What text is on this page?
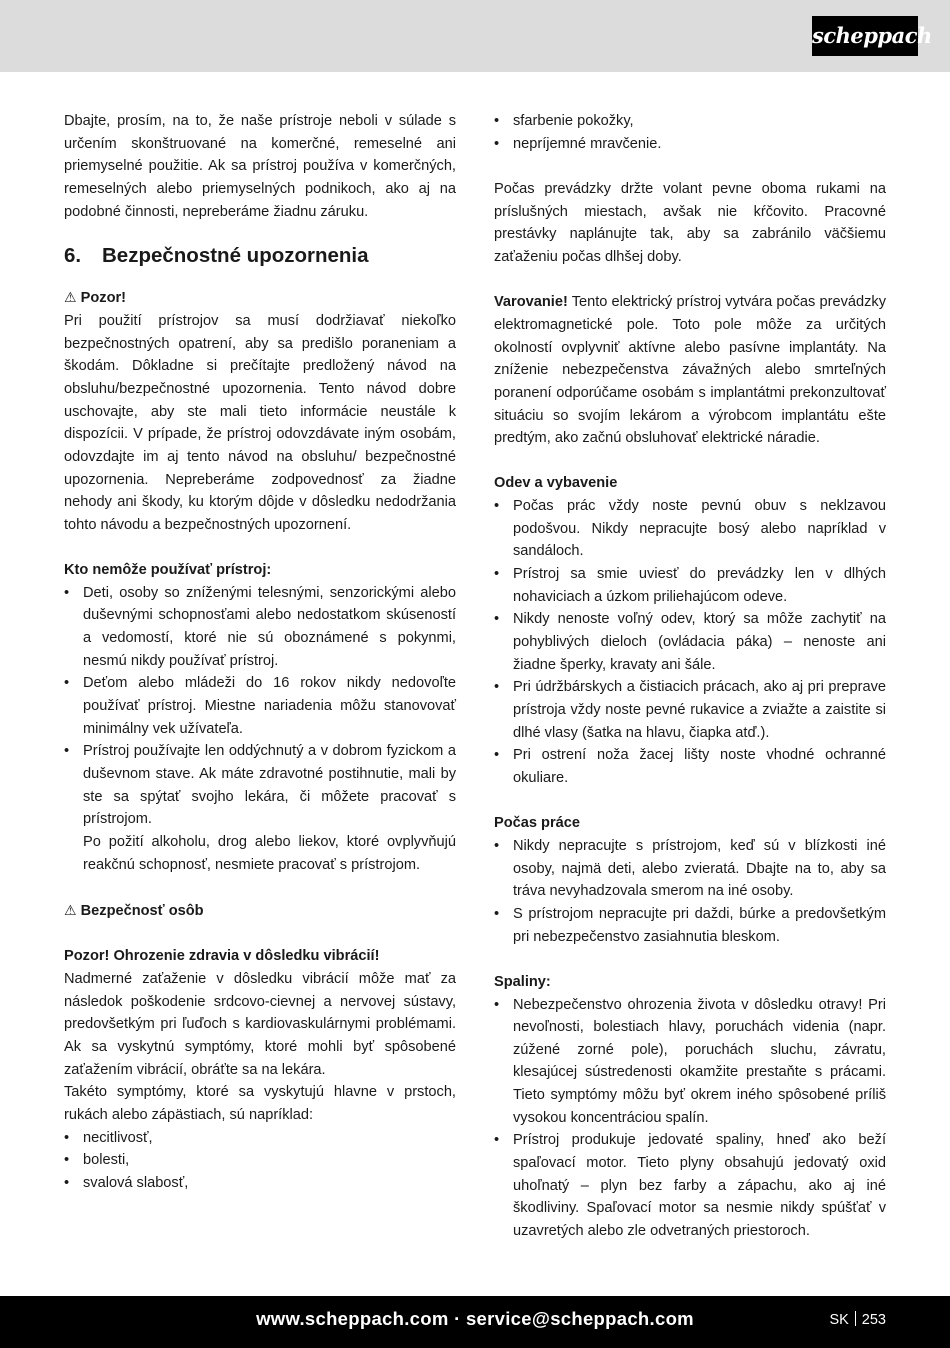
scheppach

Dbajte, prosím, na to, že naše prístroje neboli v súlade s určením skonštruované na komerčné, remeselné ani priemyselné použitie. Ak sa prístroj používa v komerčných, remeselných alebo priemyselných podnikoch, ako aj na podobné činnosti, nepreberáme žiadnu záruku.

6. Bezpečnostné upozornenia

⚠ Pozor!

Pri použití prístrojov sa musí dodržiavať niekoľko bezpečnostných opatrení, aby sa predišlo poraneniam a škodám. Dôkladne si prečítajte predložený návod na obsluhu/bezpečnostné upozornenia. Tento návod dobre uschovajte, aby ste mali tieto informácie neustále k dispozícii. V prípade, že prístroj odovzdávate iným osobám, odovzdajte im aj tento návod na obsluhu/ bezpečnostné upozornenia. Nepreberáme zodpovednosť za žiadne nehody ani škody, ku ktorým dôjde v dôsledku nedodržania tohto návodu a bezpečnostných upozornení.

Kto nemôže používať prístroj:

• Deti, osoby so zníženými telesnými, senzorickými alebo duševnými schopnosťami alebo nedostatkom skúseností a vedomostí, ktoré nie sú oboznámené s pokynmi, nesmú nikdy používať prístroj.
• Deťom alebo mládeži do 16 rokov nikdy nedovoľte používať prístroj. Miestne nariadenia môžu stanovovať minimálny vek užívateľa.
• Prístroj používajte len oddýchnutý a v dobrom fyzickom a duševnom stave. Ak máte zdravotné postihnutie, mali by ste sa spýtať svojho lekára, či môžete pracovať s prístrojom.
Po požití alkoholu, drog alebo liekov, ktoré ovplyvňujú reakčnú schopnosť, nesmiete pracovať s prístrojom.

⚠ Bezpečnosť osôb

Pozor! Ohrozenie zdravia v dôsledku vibrácií!

Nadmerné zaťaženie v dôsledku vibrácií môže mať za následok poškodenie srdcovo-cievnej a nervovej sústavy, predovšetkým pri ľuďoch s kardiovaskulárnymi problémami. Ak sa vyskytnú symptómy, ktoré mohli byť spôsobené zaťažením vibrácií, obráťte sa na lekára.

Takéto symptómy, ktoré sa vyskytujú hlavne v prstoch, rukách alebo zápästiach, sú napríklad:

• necitlivosť,
• bolesti,
• svalová slabosť,
• sfarbenie pokožky,
• nepríjemné mravčenie.

Počas prevádzky držte volant pevne oboma rukami na príslušných miestach, avšak nie kŕčovito. Pracovné prestávky naplánujte tak, aby sa zabránilo väčšiemu zaťaženiu počas dlhšej doby.

Varovanie! Tento elektrický prístroj vytvára počas prevádzky elektromagnetické pole. Toto pole môže za určitých okolností ovplyvniť aktívne alebo pasívne implantáty. Na zníženie nebezpečenstva závažných alebo smrteľných poranení odporúčame osobám s implantátmi prekonzultovať situáciu so svojím lekárom a výrobcom implantátu ešte predtým, ako začnú obsluhovať elektrické náradie.

Odev a vybavenie

• Počas prác vždy noste pevnú obuv s neklzavou podošvou. Nikdy nepracujte bosý alebo napríklad v sandáloch.
• Prístroj sa smie uviesť do prevádzky len v dlhých nohaviciach a úzkom priliehajúcom odeve.
• Nikdy nenoste voľný odev, ktorý sa môže zachytiť na pohyblivých dieloch (ovládacia páka) – nenoste ani žiadne šperky, kravaty ani šále.
• Pri údržbárskych a čistiacich prácach, ako aj pri preprave prístroja vždy noste pevné rukavice a zviažte a zaistite si dlhé vlasy (šatka na hlavu, čiapka atď.).
• Pri ostrení noža žacej lišty noste vhodné ochranné okuliare.

Počas práce

• Nikdy nepracujte s prístrojom, keď sú v blízkosti iné osoby, najmä deti, alebo zvieratá. Dbajte na to, aby sa tráva nevyhadzovala smerom na iné osoby.
• S prístrojom nepracujte pri daždi, búrke a predovšetkým pri nebezpečenstvo zasiahnutia bleskom.

Spaliny:

• Nebezpečenstvo ohrozenia života v dôsledku otravy! Pri nevoľnosti, bolestiach hlavy, poruchách videnia (napr. zúžené zorné pole), poruchách sluchu, závratu, klesajúcej sústredenosti okamžite prestaňte s prácami. Tieto symptómy môžu byť okrem iného spôsobené príliš vysokou koncentráciou spalín.
• Prístroj produkuje jedovaté spaliny, hneď ako beží spaľovací motor. Tieto plyny obsahujú jedovatý oxid uhoľnatý – plyn bez farby a zápachu, ako aj iné škodliviny. Spaľovací motor sa nesmie nikdy spúšťať v uzavretých alebo zle odvetraných priestoroch.
www.scheppach.com · service@scheppach.com	SK 253
